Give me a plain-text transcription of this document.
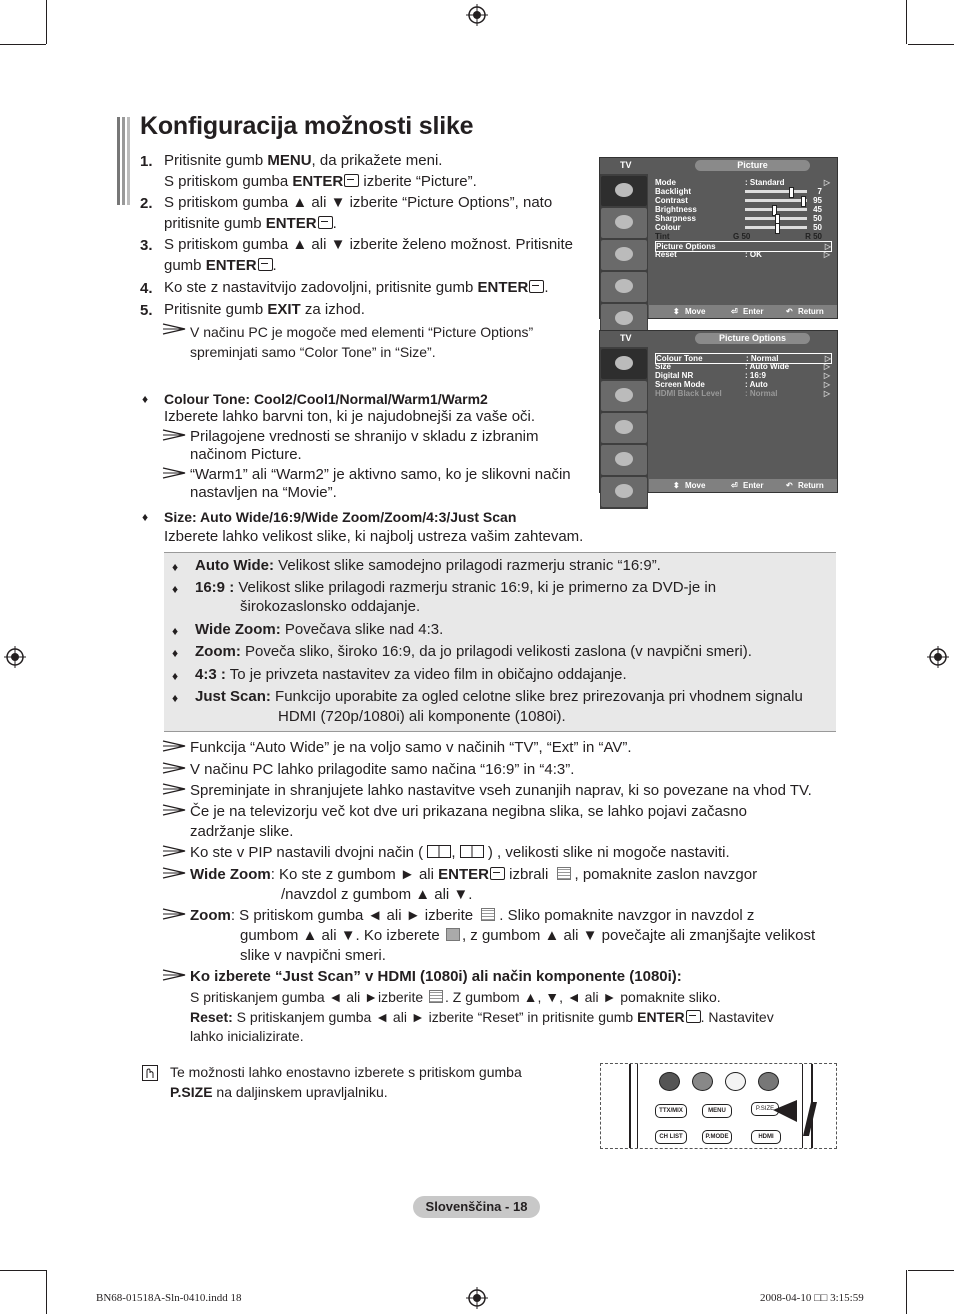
Konfiguracija možnosti slike
1. Pritisnite gumb MENU, da prikažete meni.
S pritiskom gumba ENTER izberite “Picture”.
2. S pritiskom gumba ▲ ali ▼ izberite “Picture Options”, nato
pritisnite gumb ENTER .
3. S pritiskom gumba ▲ ali ▼ izberite želeno možnost. Pritisnite
gumb ENTER .
4. Ko ste z nastavitvijo zadovoljni, pritisnite gumb ENTER .
5. Pritisnite gumb EXIT za izhod.
V načinu PC je mogoče med elementi “Picture Options”
spreminjati samo “Color Tone” in “Size”.
♦ Colour Tone: Cool2/Cool1/Normal/Warm1/Warm2
Izberete lahko barvni ton, ki je najudobnejši za vaše oči.
Prilagojene vrednosti se shranijo v skladu z izbranim
načinom Picture.
“Warm1” ali “Warm2” je aktivno samo, ko je slikovni način
nastavljen na “Movie”.
♦ Size: Auto Wide/16:9/Wide Zoom/Zoom/4:3/Just Scan
Izberete lahko velikost slike, ki najbolj ustreza vašim zahtevam.
♦ Auto Wide: Velikost slike samodejno prilagodi razmerju stranic “16:9”.
♦ 16:9 : Velikost slike prilagodi razmerju stranic 16:9, ki je primerno za DVD-je in
širokozaslonsko oddajanje.
♦ Wide Zoom: Povečava slike nad 4:3.
♦ Zoom: Poveča sliko, široko 16:9, da jo prilagodi velikosti zaslona (v navpični smeri).
♦ 4:3 : To je privzeta nastavitev za video film in običajno oddajanje.
♦ Just Scan: Funkcijo uporabite za ogled celotne slike brez prirezovanja pri vhodnem signalu
HDMI (720p/1080i) ali komponente (1080i).
Funkcija “Auto Wide” je na voljo samo v načinih “TV”, “Ext” in “AV”.
V načinu PC lahko prilagodite samo načina “16:9” in “4:3”.
Spreminjate in shranjujete lahko nastavitve vseh zunanjih naprav, ki so povezane na vhod TV.
Če je na televizorju več kot dve uri prikazana negibna slika, se lahko pojavi začasno
zadržanje slike.
Ko ste v PIP nastavili dvojni način ( , ) , velikosti slike ni mogoče nastaviti.
Wide Zoom: Ko ste z gumbom ► ali ENTER izbrali , pomaknite zaslon navzgor
/navzdol z gumbom ▲ ali ▼.
Zoom: S pritiskom gumba ◄ ali ► izberite . Sliko pomaknite navzgor in navzdol z
gumbom ▲ ali ▼. Ko izberete , z gumbom ▲ ali ▼ povečajte ali zmanjšajte velikost
slike v navpični smeri.
Ko izberete “Just Scan” v HDMI (1080i) ali način komponente (1080i):
S pritiskanjem gumba ◄ ali ►izberite . Z gumbom ▲, ▼, ◄ ali ► pomaknite sliko.
Reset: S pritiskanjem gumba ◄ ali ► izberite “Reset” in pritisnite gumb ENTER . Nastavitev
lahko inicializirate.
Te možnosti lahko enostavno izberete s pritiskom gumba
P.SIZE na daljinskem upravljalniku.
TV	Picture
Mode	: Standard	▷
Backlight	7
Contrast	95
Brightness	45
Sharpness	50
Colour	50
Tint	G 50	R 50
Picture Options	▷
Reset	: OK	▷
⬍ Move	⏎ Enter	↶ Return
TV	Picture Options
Colour Tone	: Normal	▷
Size	: Auto Wide	▷
Digital NR	: 16:9	▷
Screen Mode	: Auto	▷
HDMI Black Level	: Normal	▷
⬍ Move	⏎ Enter	↶ Return
TTX/MIX	MENU	P.SIZE
CH LIST	P.MODE	HDMI
Slovenščina - 18
BN68-01518A-Sln-0410.indd 18	2008-04-10 □□ 3:15:59
